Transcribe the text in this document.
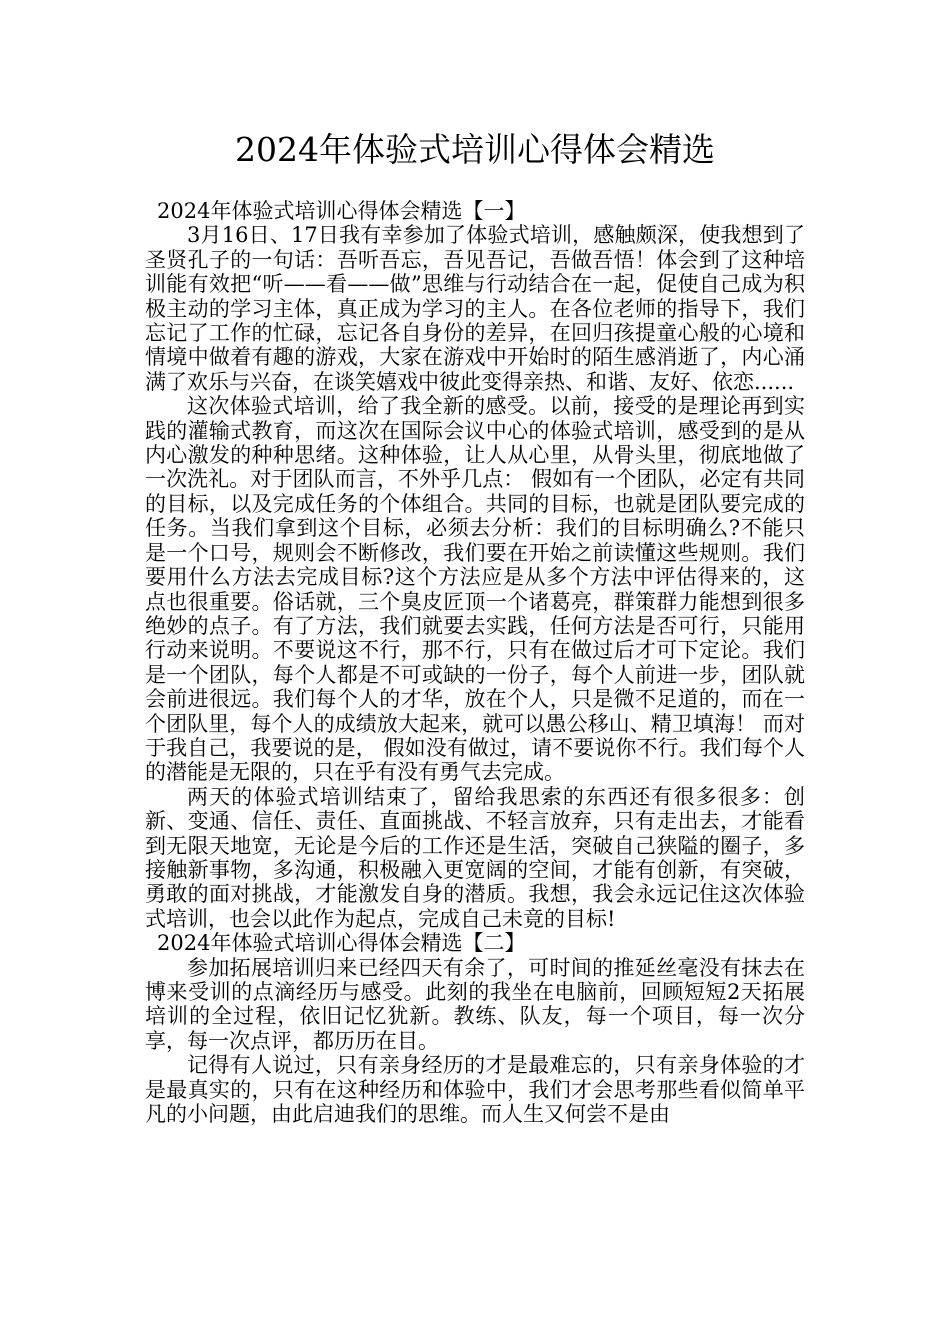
2024年体验式培训心得体会精选

2024年体验式培训心得体会精选【一】

3月16日、17日我有幸参加了体验式培训，感触颇深，使我想到了圣贤孔子的一句话：吾听吾忘，吾见吾记，吾做吾悟！体会到了这种培训能有效把“听——看——做”思维与行动结合在一起，促使自己成为积极主动的学习主体，真正成为学习的主人。在各位老师的指导下，我们忘记了工作的忙碌，忘记各自身份的差异，在回归孩提童心般的心境和情境中做着有趣的游戏，大家在游戏中开始时的陌生感消逝了，内心涌满了欢乐与兴奋，在谈笑嬉戏中彼此变得亲热、和谐、友好、依恋......

这次体验式培训，给了我全新的感受。以前，接受的是理论再到实践的灌输式教育，而这次在国际会议中心的体验式培训，感受到的是从内心激发的种种思绪。这种体验，让人从心里，从骨头里，彻底地做了一次洗礼。对于团队而言，不外乎几点： 假如有一个团队，必定有共同的目标，以及完成任务的个体组合。共同的目标，也就是团队要完成的任务。当我们拿到这个目标，必须去分析：我们的目标明确么?不能只是一个口号，规则会不断修改，我们要在开始之前读懂这些规则。我们要用什么方法去完成目标?这个方法应是从多个方法中评估得来的，这点也很重要。俗话就，三个臭皮匠顶一个诸葛亮，群策群力能想到很多绝妙的点子。有了方法，我们就要去实践，任何方法是否可行，只能用行动来说明。不要说这不行，那不行，只有在做过后才可下定论。我们是一个团队，每个人都是不可或缺的一份子，每个人前进一步，团队就会前进很远。我们每个人的才华，放在个人，只是微不足道的，而在一个团队里，每个人的成绩放大起来，就可以愚公移山、精卫填海！ 而对于我自己，我要说的是， 假如没有做过，请不要说你不行。我们每个人的潜能是无限的，只在乎有没有勇气去完成。

两天的体验式培训结束了，留给我思索的东西还有很多很多：创新、变通、信任、责任、直面挑战、不轻言放弃，只有走出去，才能看到无限天地宽，无论是今后的工作还是生活，突破自己狭隘的圈子，多接触新事物，多沟通，积极融入更宽阔的空间，才能有创新，有突破，勇敢的面对挑战，才能激发自身的潜质。我想，我会永远记住这次体验式培训，也会以此作为起点，完成自己未竟的目标!

2024年体验式培训心得体会精选【二】

参加拓展培训归来已经四天有余了，可时间的推延丝毫没有抹去在博来受训的点滴经历与感受。此刻的我坐在电脑前，回顾短短2天拓展培训的全过程，依旧记忆犹新。教练、队友，每一个项目，每一次分享，每一次点评，都历历在目。

记得有人说过，只有亲身经历的才是最难忘的，只有亲身体验的才是最真实的，只有在这种经历和体验中，我们才会思考那些看似简单平凡的小问题，由此启迪我们的思维。而人生又何尝不是由
